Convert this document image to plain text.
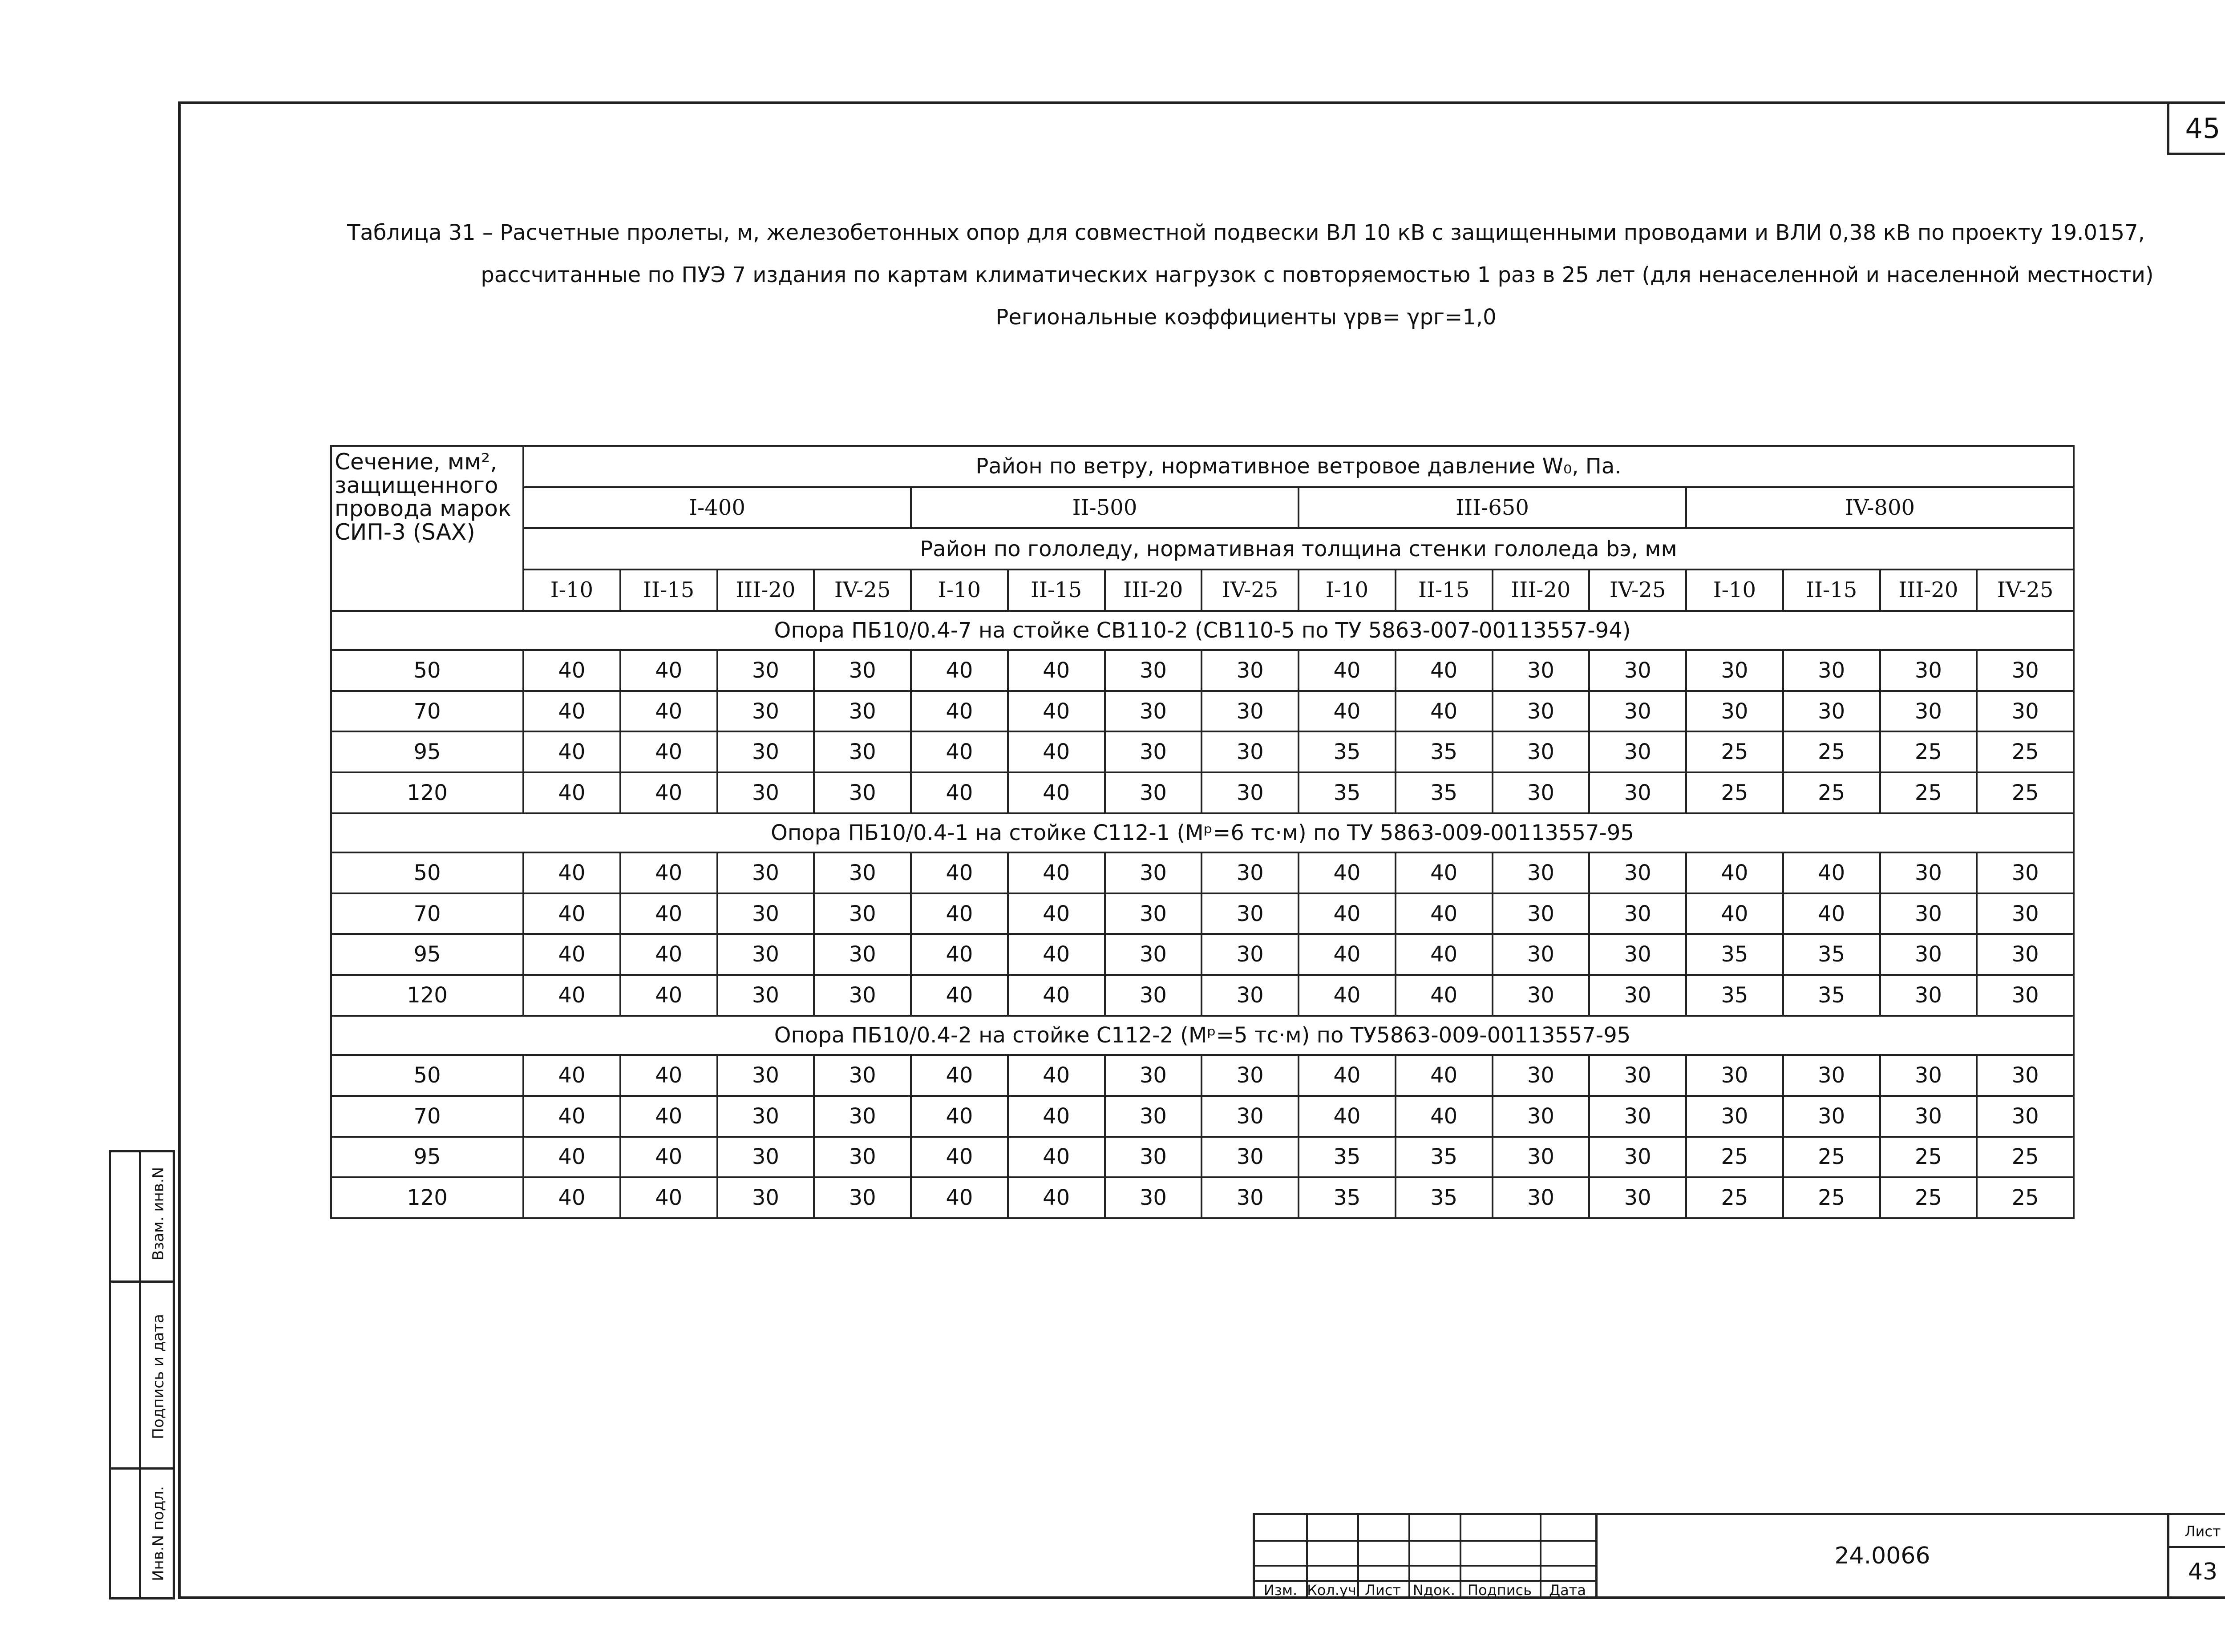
45
Таблица 31 – Расчетные пролеты, м, железобетонных опор для совместной подвески ВЛ 10 кВ с защищенными проводами и ВЛИ 0,38 кВ по проекту 19.0157,
рассчитанные по ПУЭ 7 издания по картам климатических нагрузок с повторяемостью 1 раз в 25 лет (для ненаселенной и населенной местности)
Региональные коэффициенты γрв= γрг=1,0
Сечение, мм², защищенного провода марок СИП-3 (SAX)	Район по ветру, нормативное ветровое давление W₀, Па.															
	I-400				II-500				III-650				IV-800			
	Район по гололеду, нормативная толщина стенки гололеда bэ, мм															
	I-10	II-15	III-20	IV-25	I-10	II-15	III-20	IV-25	I-10	II-15	III-20	IV-25	I-10	II-15	III-20	IV-25
Опора ПБ10/0.4-7 на стойке СВ110-2 (СВ110-5 по ТУ 5863-007-00113557-94)																
50	40	40	30	30	40	40	30	30	40	40	30	30	30	30	30	30
70	40	40	30	30	40	40	30	30	40	40	30	30	30	30	30	30
95	40	40	30	30	40	40	30	30	35	35	30	30	25	25	25	25
120	40	40	30	30	40	40	30	30	35	35	30	30	25	25	25	25
Опора ПБ10/0.4-1 на стойке С112-1 (Мᵖ=6 тс·м) по ТУ 5863-009-00113557-95																
50	40	40	30	30	40	40	30	30	40	40	30	30	40	40	30	30
70	40	40	30	30	40	40	30	30	40	40	30	30	40	40	30	30
95	40	40	30	30	40	40	30	30	40	40	30	30	35	35	30	30
120	40	40	30	30	40	40	30	30	40	40	30	30	35	35	30	30
Опора ПБ10/0.4-2 на стойке С112-2 (Мᵖ=5 тс·м) по ТУ5863-009-00113557-95																
50	40	40	30	30	40	40	30	30	40	40	30	30	30	30	30	30
70	40	40	30	30	40	40	30	30	40	40	30	30	30	30	30	30
95	40	40	30	30	40	40	30	30	35	35	30	30	25	25	25	25
120	40	40	30	30	40	40	30	30	35	35	30	30	25	25	25	25
Взам. инв.N
Подпись и дата
Инв.N подл.
Изм. Кол.уч Лист Nдок. Подпись	Дата
24.0066
Лист
43
